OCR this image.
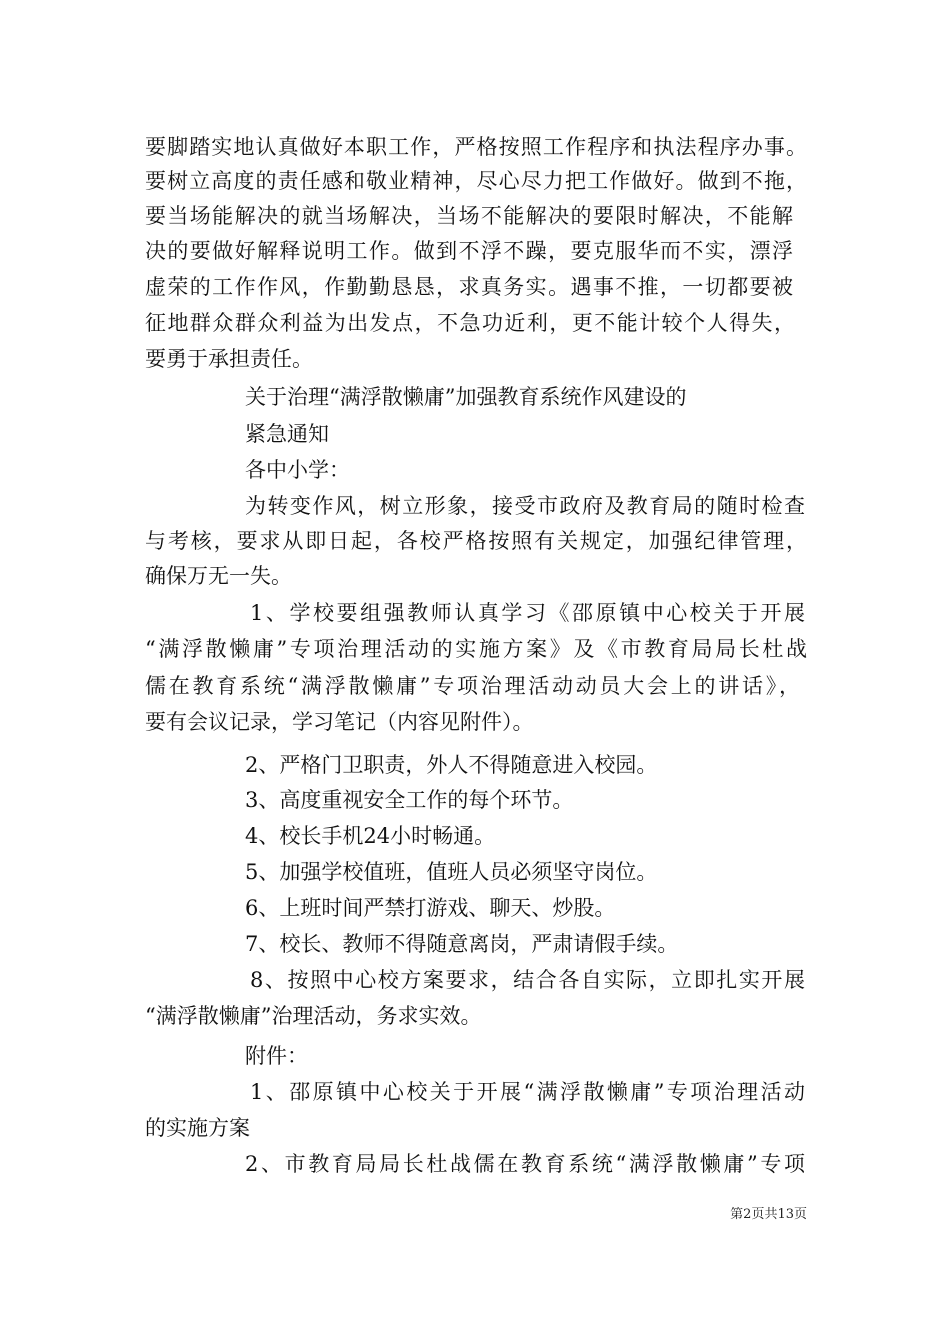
要脚踏实地认真做好本职工作，严格按照工作程序和执法程序办事。
要树立高度的责任感和敬业精神，尽心尽力把工作做好。做到不拖，
要当场能解决的就当场解决，当场不能解决的要限时解决，不能解
决的要做好解释说明工作。做到不浮不躁，要克服华而不实，漂浮
虚荣的工作作风，作勤勤恳恳，求真务实。遇事不推，一切都要被
征地群众群众利益为出发点，不急功近利，更不能计较个人得失，
要勇于承担责任。
关于治理“满浮散懒庸”加强教育系统作风建设的
紧急通知
各中小学：
为转变作风，树立形象，接受市政府及教育局的随时检查
与考核，要求从即日起，各校严格按照有关规定，加强纪律管理，
确保万无一失。
1、学校要组强教师认真学习《邵原镇中心校关于开展
“满浮散懒庸”专项治理活动的实施方案》及《市教育局局长杜战
儒在教育系统“满浮散懒庸”专项治理活动动员大会上的讲话》，
要有会议记录，学习笔记（内容见附件）。
2、严格门卫职责，外人不得随意进入校园。
3、高度重视安全工作的每个环节。
4、校长手机24小时畅通。
5、加强学校值班，值班人员必须坚守岗位。
6、上班时间严禁打游戏、聊天、炒股。
7、校长、教师不得随意离岗，严肃请假手续。
8、按照中心校方案要求，结合各自实际，立即扎实开展
“满浮散懒庸”治理活动，务求实效。
附件：
1、邵原镇中心校关于开展“满浮散懒庸”专项治理活动
的实施方案
2、市教育局局长杜战儒在教育系统“满浮散懒庸”专项
第2页共13页
